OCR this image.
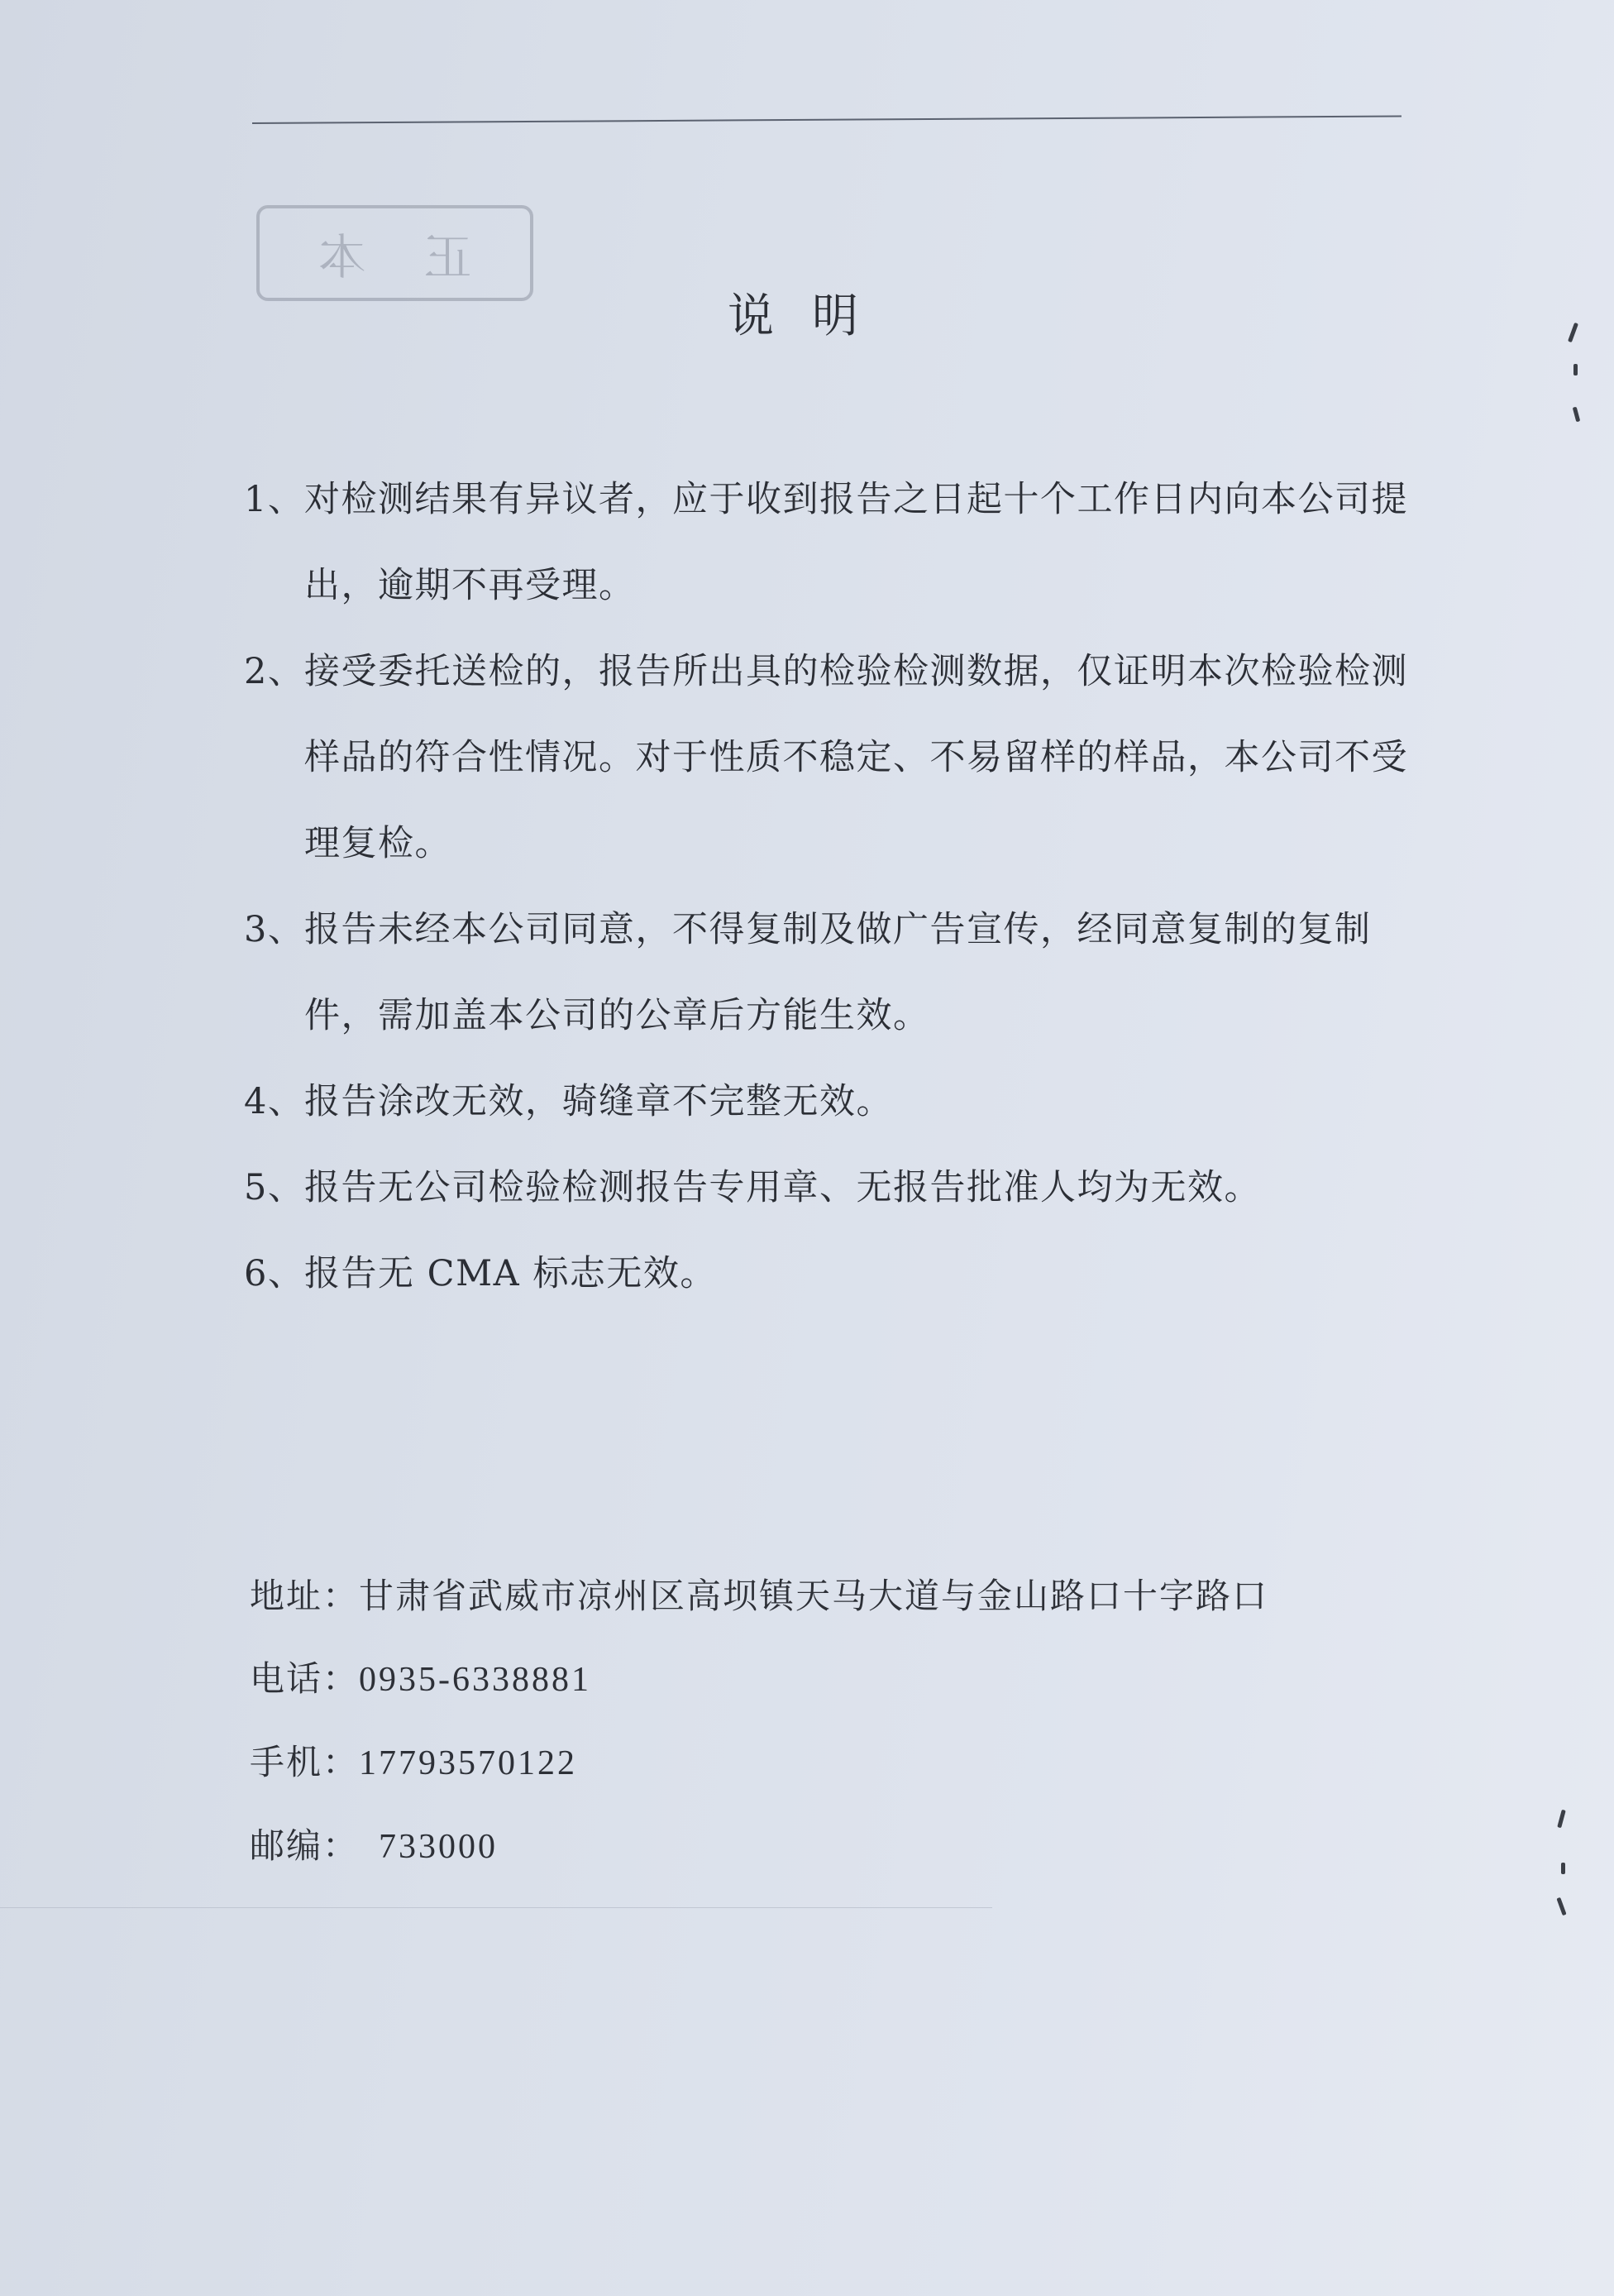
正本
说明
1、 对检测结果有异议者，应于收到报告之日起十个工作日内向本公司提出，逾期不再受理。
2、 接受委托送检的，报告所出具的检验检测数据，仅证明本次检验检测样品的符合性情况。对于性质不稳定、不易留样的样品，本公司不受理复检。
3、 报告未经本公司同意，不得复制及做广告宣传，经同意复制的复制件，需加盖本公司的公章后方能生效。
4、 报告涂改无效，骑缝章不完整无效。
5、 报告无公司检验检测报告专用章、无报告批准人均为无效。
6、 报告无 CMA 标志无效。
地址：甘肃省武威市凉州区高坝镇天马大道与金山路口十字路口
电话：0935-6338881
手机：17793570122
邮编： 733000
